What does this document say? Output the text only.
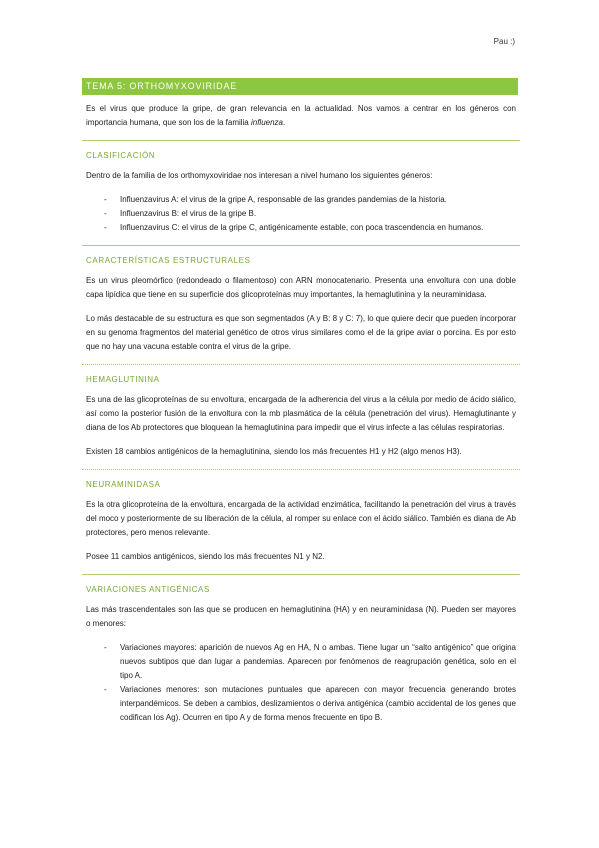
Pau :)
TEMA 5: ORTHOMYXOVIRIDAE

Es el virus que produce la gripe, de gran relevancia en la actualidad. Nos vamos a centrar en los géneros con importancia humana, que son los de la familia influenza.

CLASIFICACIÓN

Dentro de la familia de los orthomyxoviridae nos interesan a nivel humano los siguientes géneros:

- Influenzavirus A: el virus de la gripe A, responsable de las grandes pandemias de la historia.
- Influenzavirus B: el virus de la gripe B.
- Influenzavirus C: el virus de la gripe C, antigénicamente estable, con poca trascendencia en humanos.
CARACTERÍSTICAS ESTRUCTURALES

Es un virus pleomórfico (redondeado o filamentoso) con ARN monocatenario. Presenta una envoltura con una doble capa lipídica que tiene en su superficie dos glicoproteínas muy importantes, la hemaglutinina y la neuraminidasa.

Lo más destacable de su estructura es que son segmentados (A y B: 8 y C: 7), lo que quiere decir que pueden incorporar en su genoma fragmentos del material genético de otros virus similares como el de la gripe aviar o porcina. Es por esto que no hay una vacuna estable contra el virus de la gripe.

HEMAGLUTININA

Es una de las glicoproteínas de su envoltura, encargada de la adherencia del virus a la célula por medio de ácido siálico, así como la posterior fusión de la envoltura con la mb plasmática de la célula (penetración del virus). Hemaglutinante y diana de los Ab protectores que bloquean la hemaglutinina para impedir que el virus infecte a las células respiratorias.

Existen 18 cambios antigénicos de la hemaglutinina, siendo los más frecuentes H1 y H2 (algo menos H3).

NEURAMINIDASA

Es la otra glicoproteína de la envoltura, encargada de la actividad enzimática, facilitando la penetración del virus a través del moco y posteriormente de su liberación de la célula, al romper su enlace con el ácido siálico. También es diana de Ab protectores, pero menos relevante.

Posee 11 cambios antigénicos, siendo los más frecuentes N1 y N2.

VARIACIONES ANTIGÉNICAS

Las más trascendentales son las que se producen en hemaglutinina (HA) y en neuraminidasa (N). Pueden ser mayores o menores:

- Variaciones mayores: aparición de nuevos Ag en HA, N o ambas. Tiene lugar un “salto antigénico” que origina nuevos subtipos que dan lugar a pandemias. Aparecen por fenómenos de reagrupación genética, solo en el tipo A.
- Variaciones menores: son mutaciones puntuales que aparecen con mayor frecuencia generando brotes interpandémicos. Se deben a cambios, deslizamientos o deriva antigénica (cambio accidental de los genes que codifican los Ag). Ocurren en tipo A y de forma menos frecuente en tipo B.
